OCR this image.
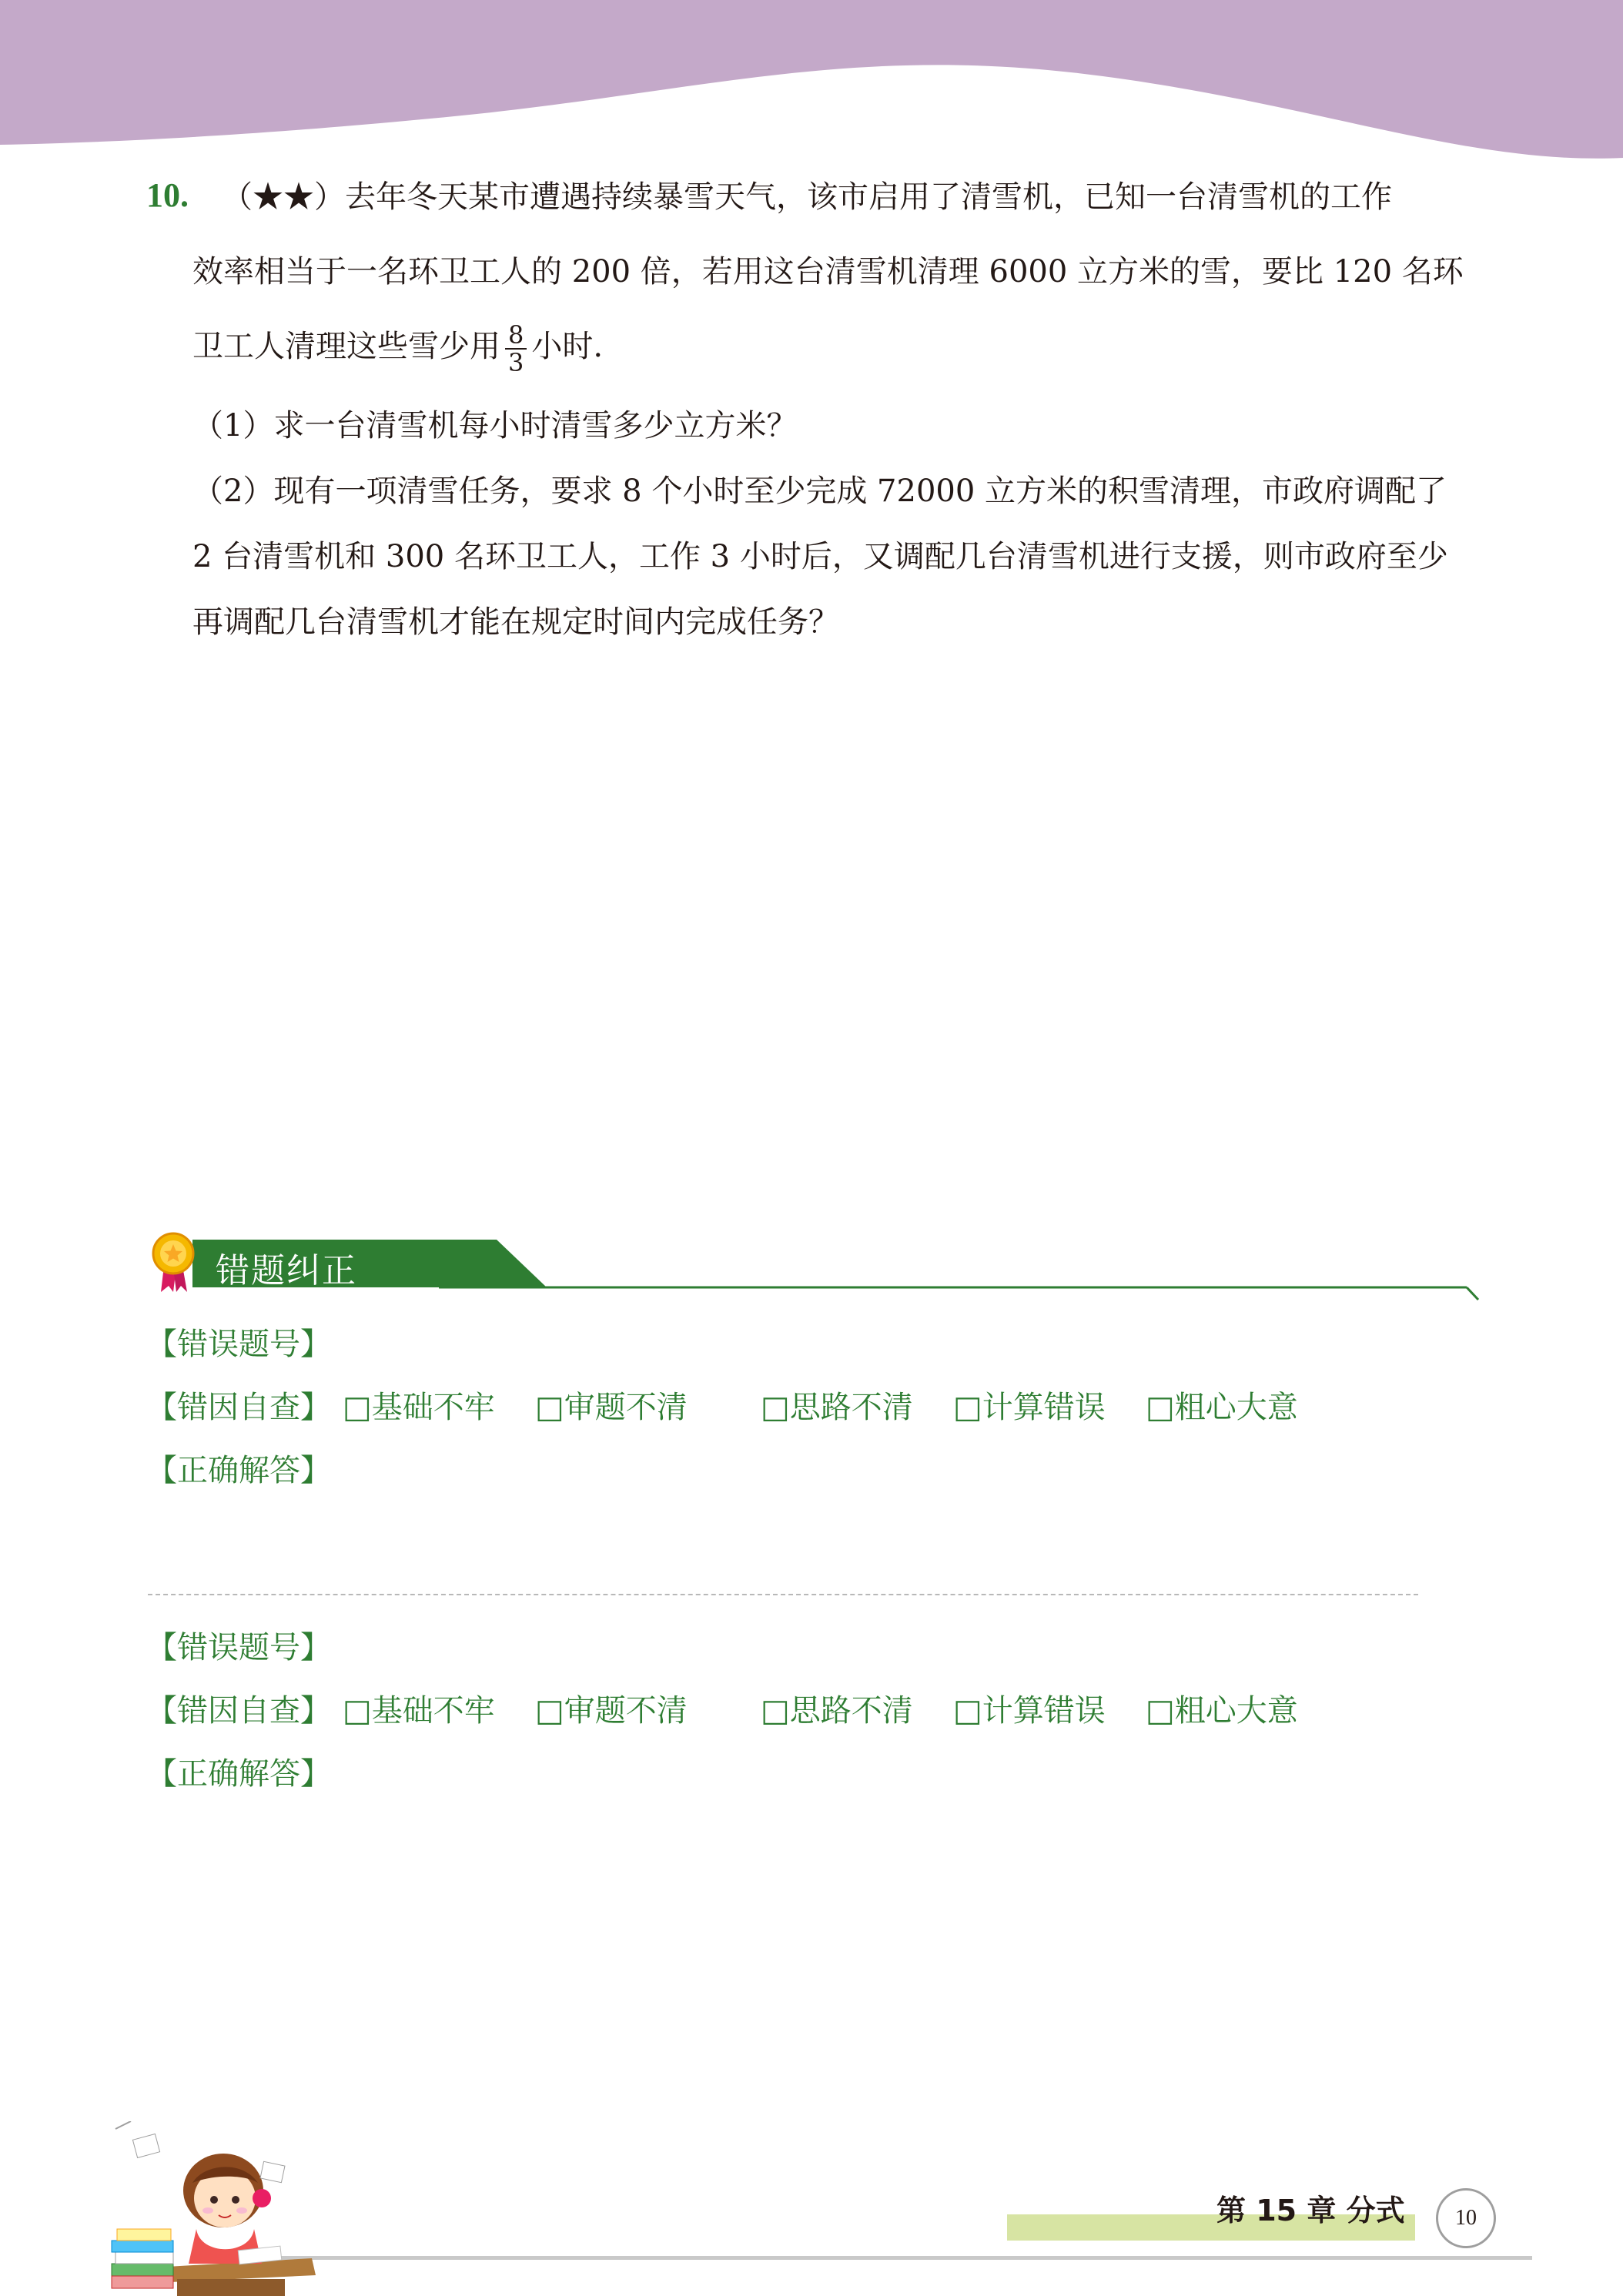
10. （★★）去年冬天某市遭遇持续暴雪天气，该市启用了清雪机，已知一台清雪机的工作
效率相当于一名环卫工人的 200 倍，若用这台清雪机清理 6000 立方米的雪，要比 120 名环
卫工人清理这些雪少用 $\frac{8}{3}$ 小时.
（1）求一台清雪机每小时清雪多少立方米？
（2）现有一项清雪任务，要求 8 个小时至少完成 72000 立方米的积雪清理，市政府调配了
2 台清雪机和 300 名环卫工人，工作 3 小时后，又调配几台清雪机进行支援，则市政府至少
再调配几台清雪机才能在规定时间内完成任务？
错题纠正
【错误题号】
【错因自查】 □基础不牢 □审题不清 □思路不清 □计算错误 □粗心大意
【正确解答】
【错误题号】
【错因自查】 □基础不牢 □审题不清 □思路不清 □计算错误 □粗心大意
【正确解答】
第 15 章 分式	10
